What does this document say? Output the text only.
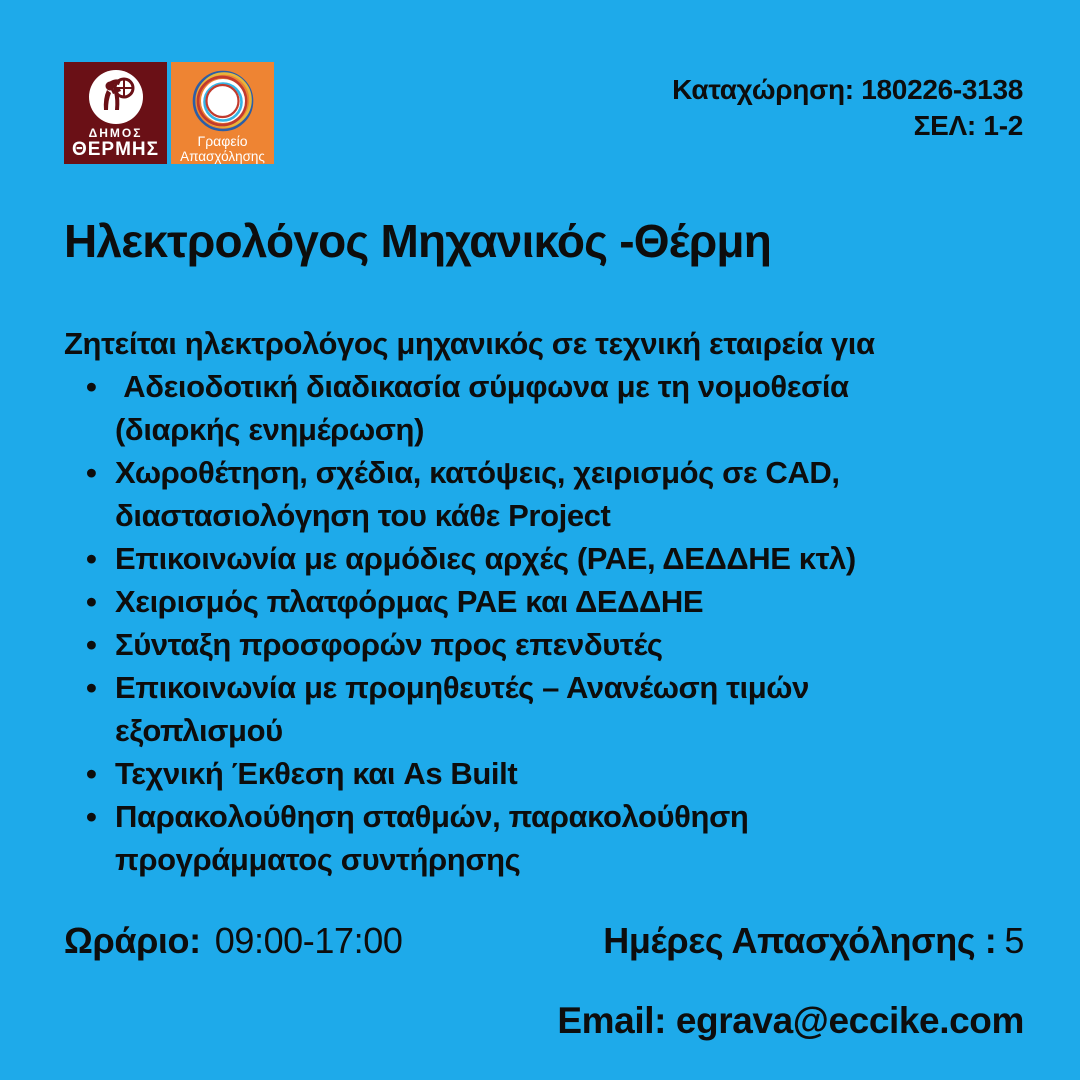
ΔΗΜΟΣ
ΘΕΡΜΗΣ	Γραφείο
Απασχόλησης
Καταχώρηση: 180226-3138
ΣΕΛ: 1-2
Ηλεκτρολόγος Μηχανικός -Θέρμη
Ζητείται ηλεκτρολόγος μηχανικός σε τεχνική εταιρεία για
• Αδειοδοτική διαδικασία σύμφωνα με τη νομοθεσία
(διαρκής ενημέρωση)
• Χωροθέτηση, σχέδια, κατόψεις, χειρισμός σε CAD,
διαστασιολόγηση του κάθε Project
• Επικοινωνία με αρμόδιες αρχές (ΡΑΕ, ΔΕΔΔΗΕ κτλ)
• Χειρισμός πλατφόρμας ΡΑΕ και ΔΕΔΔΗΕ
• Σύνταξη προσφορών προς επενδυτές
• Επικοινωνία με προμηθευτές – Ανανέωση τιμών
εξοπλισμού
• Τεχνική Έκθεση και As Built
• Παρακολούθηση σταθμών, παρακολούθηση
προγράμματος συντήρησης
Ωράριο: 09:00-17:00	Ημέρες Απασχόλησης : 5
Email: egrava@eccike.com
